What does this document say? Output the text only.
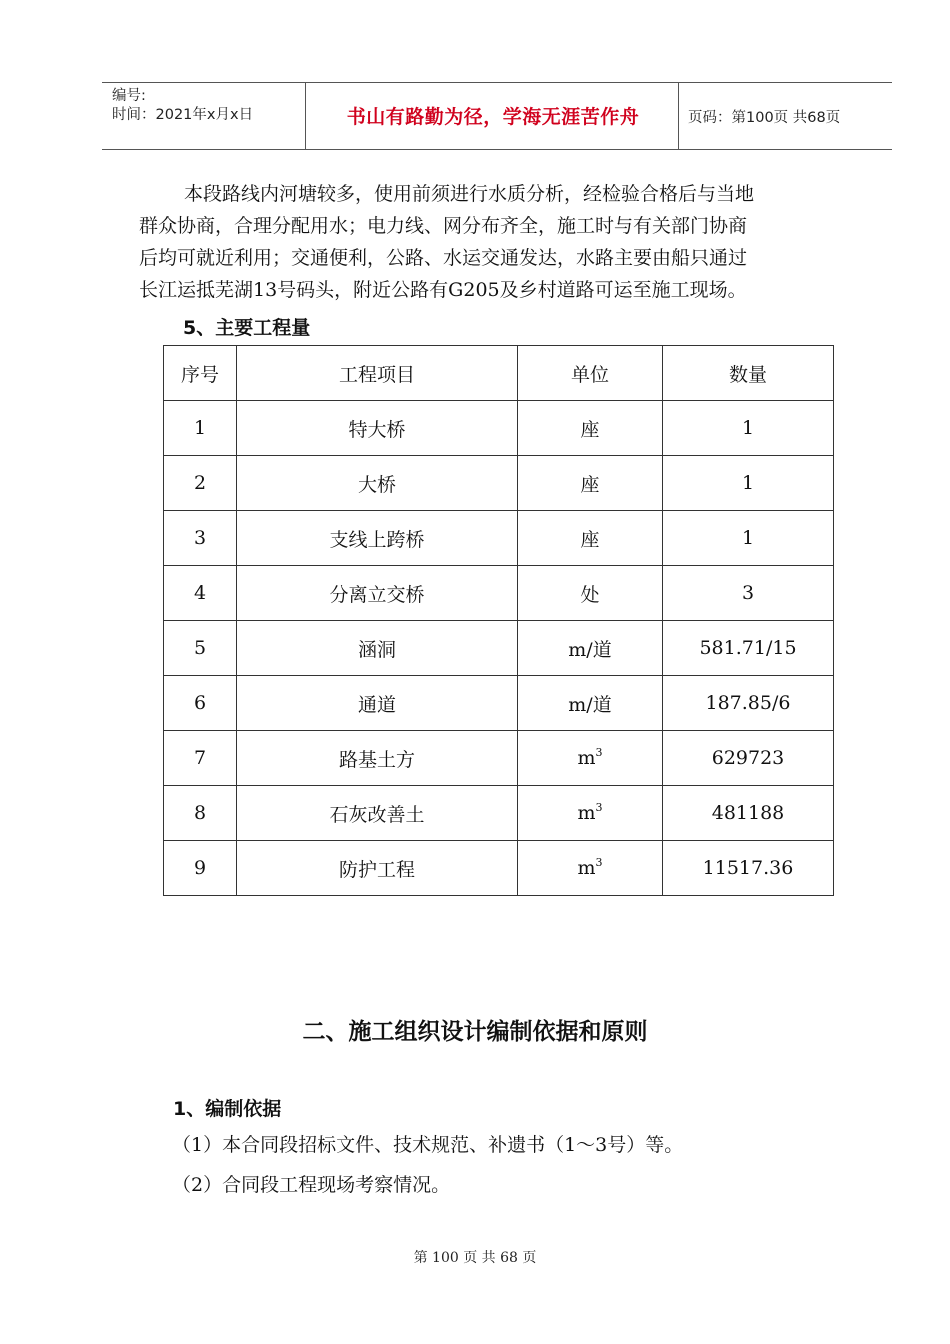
编号:
时间：2021年x月x日	书山有路勤为径，学海无涯苦作舟	页码：第100页 共68页
本段路线内河塘较多，使用前须进行水质分析，经检验合格后与当地
群众协商，合理分配用水；电力线、网分布齐全，施工时与有关部门协商
后均可就近利用；交通便利，公路、水运交通发达，水路主要由船只通过
长江运抵芜湖13号码头，附近公路有G205及乡村道路可运至施工现场。
5、主要工程量
序号	工程项目	单位	数量
1	特大桥	座	1
2	大桥	座	1
3	支线上跨桥	座	1
4	分离立交桥	处	3
5	涵洞	m/道	581.71/15
6	通道	m/道	187.85/6
7	路基土方	$m^3$	629723
8	石灰改善土	$m^3$	481188
9	防护工程	$m^3$	11517.36
二、施工组织设计编制依据和原则
1、编制依据
（1）本合同段招标文件、技术规范、补遗书（1～3号）等。
（2）合同段工程现场考察情况。
第 100 页 共 68 页
